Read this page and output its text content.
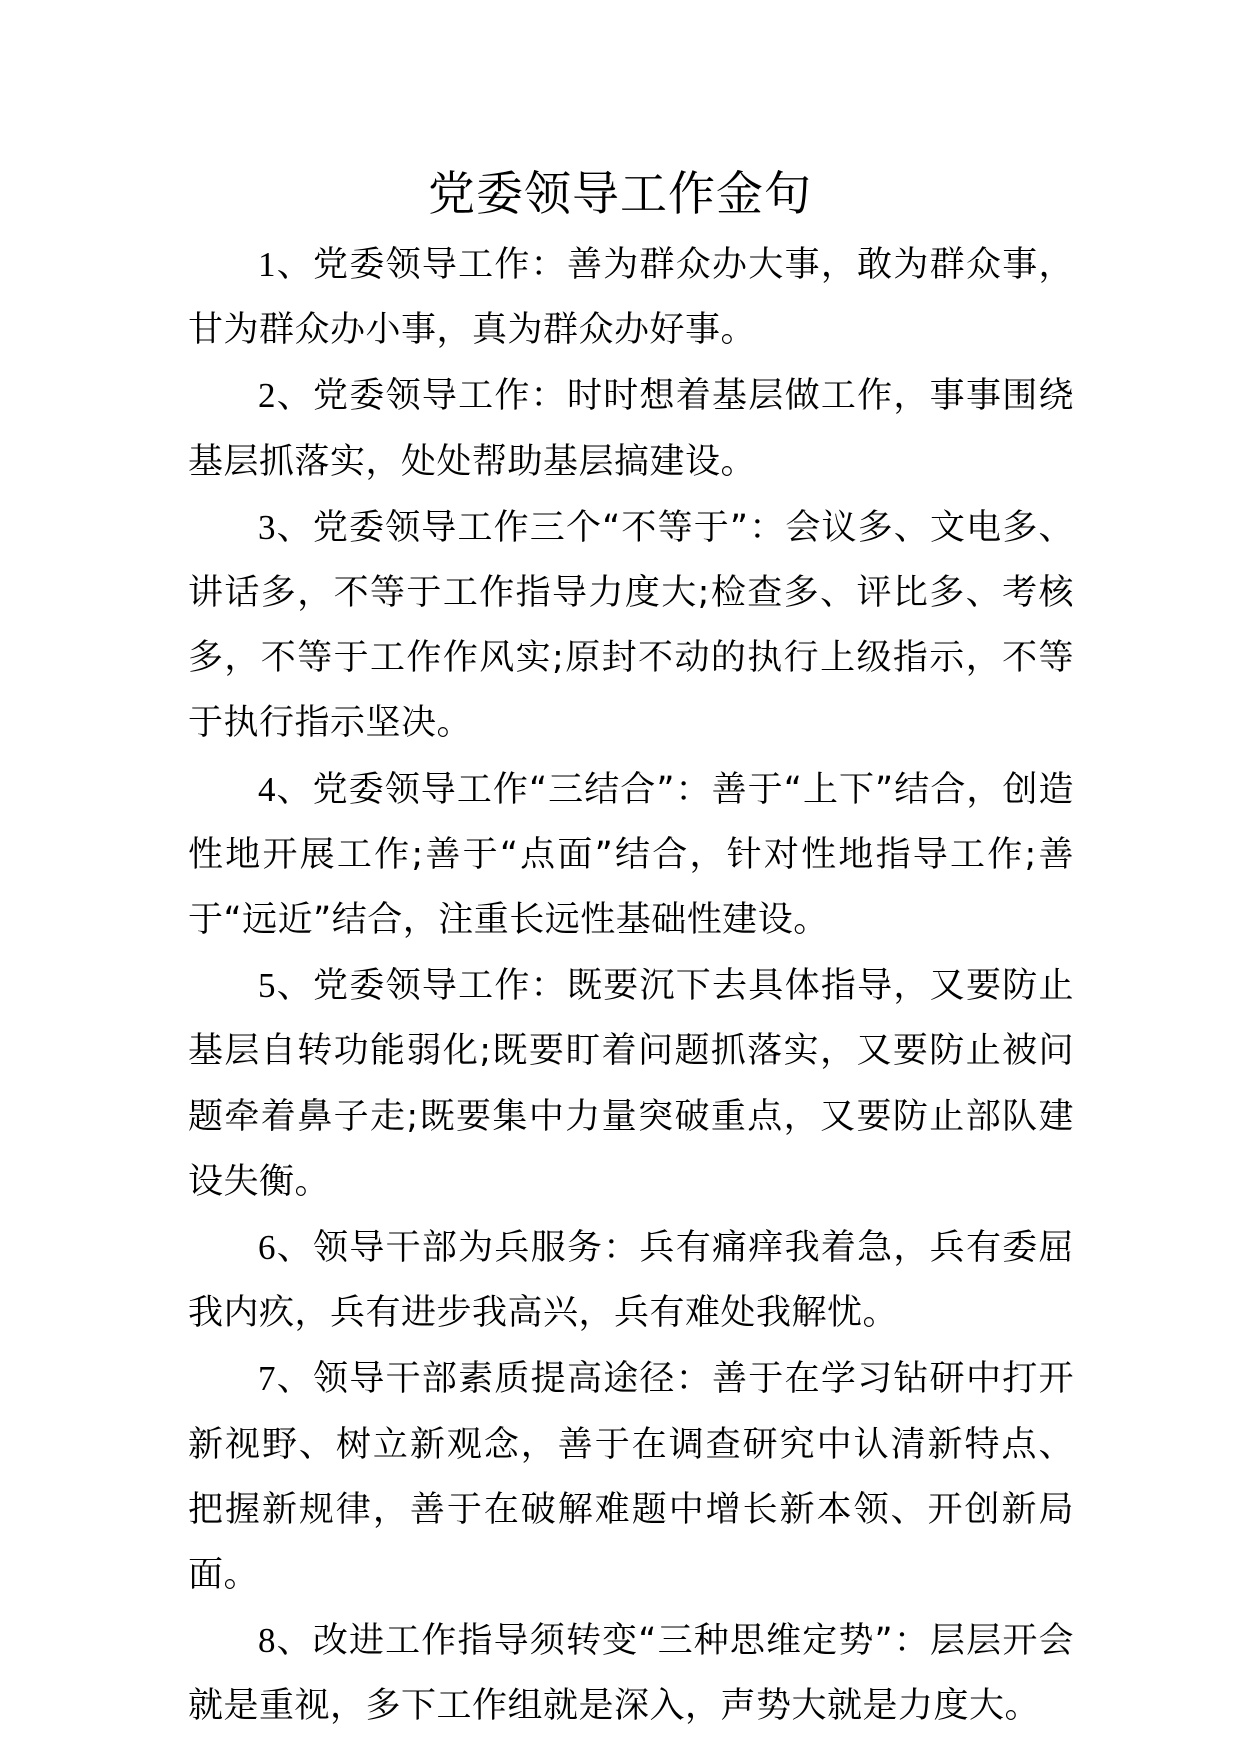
党委领导工作金句

1、党委领导工作：善为群众办大事，敢为群众事，甘为群众办小事，真为群众办好事。

2、党委领导工作：时时想着基层做工作，事事围绕基层抓落实，处处帮助基层搞建设。

3、党委领导工作三个“不等于”：会议多、文电多、讲话多，不等于工作指导力度大;检查多、评比多、考核多，不等于工作作风实;原封不动的执行上级指示，不等于执行指示坚决。

4、党委领导工作“三结合”：善于“上下”结合，创造性地开展工作;善于“点面”结合，针对性地指导工作;善于“远近”结合，注重长远性基础性建设。

5、党委领导工作：既要沉下去具体指导，又要防止基层自转功能弱化;既要盯着问题抓落实，又要防止被问题牵着鼻子走;既要集中力量突破重点，又要防止部队建设失衡。

6、领导干部为兵服务：兵有痛痒我着急，兵有委屈我内疚，兵有进步我高兴，兵有难处我解忧。

7、领导干部素质提高途径：善于在学习钻研中打开新视野、树立新观念，善于在调查研究中认清新特点、把握新规律，善于在破解难题中增长新本领、开创新局面。

8、改进工作指导须转变“三种思维定势”：层层开会就是重视，多下工作组就是深入，声势大就是力度大。
